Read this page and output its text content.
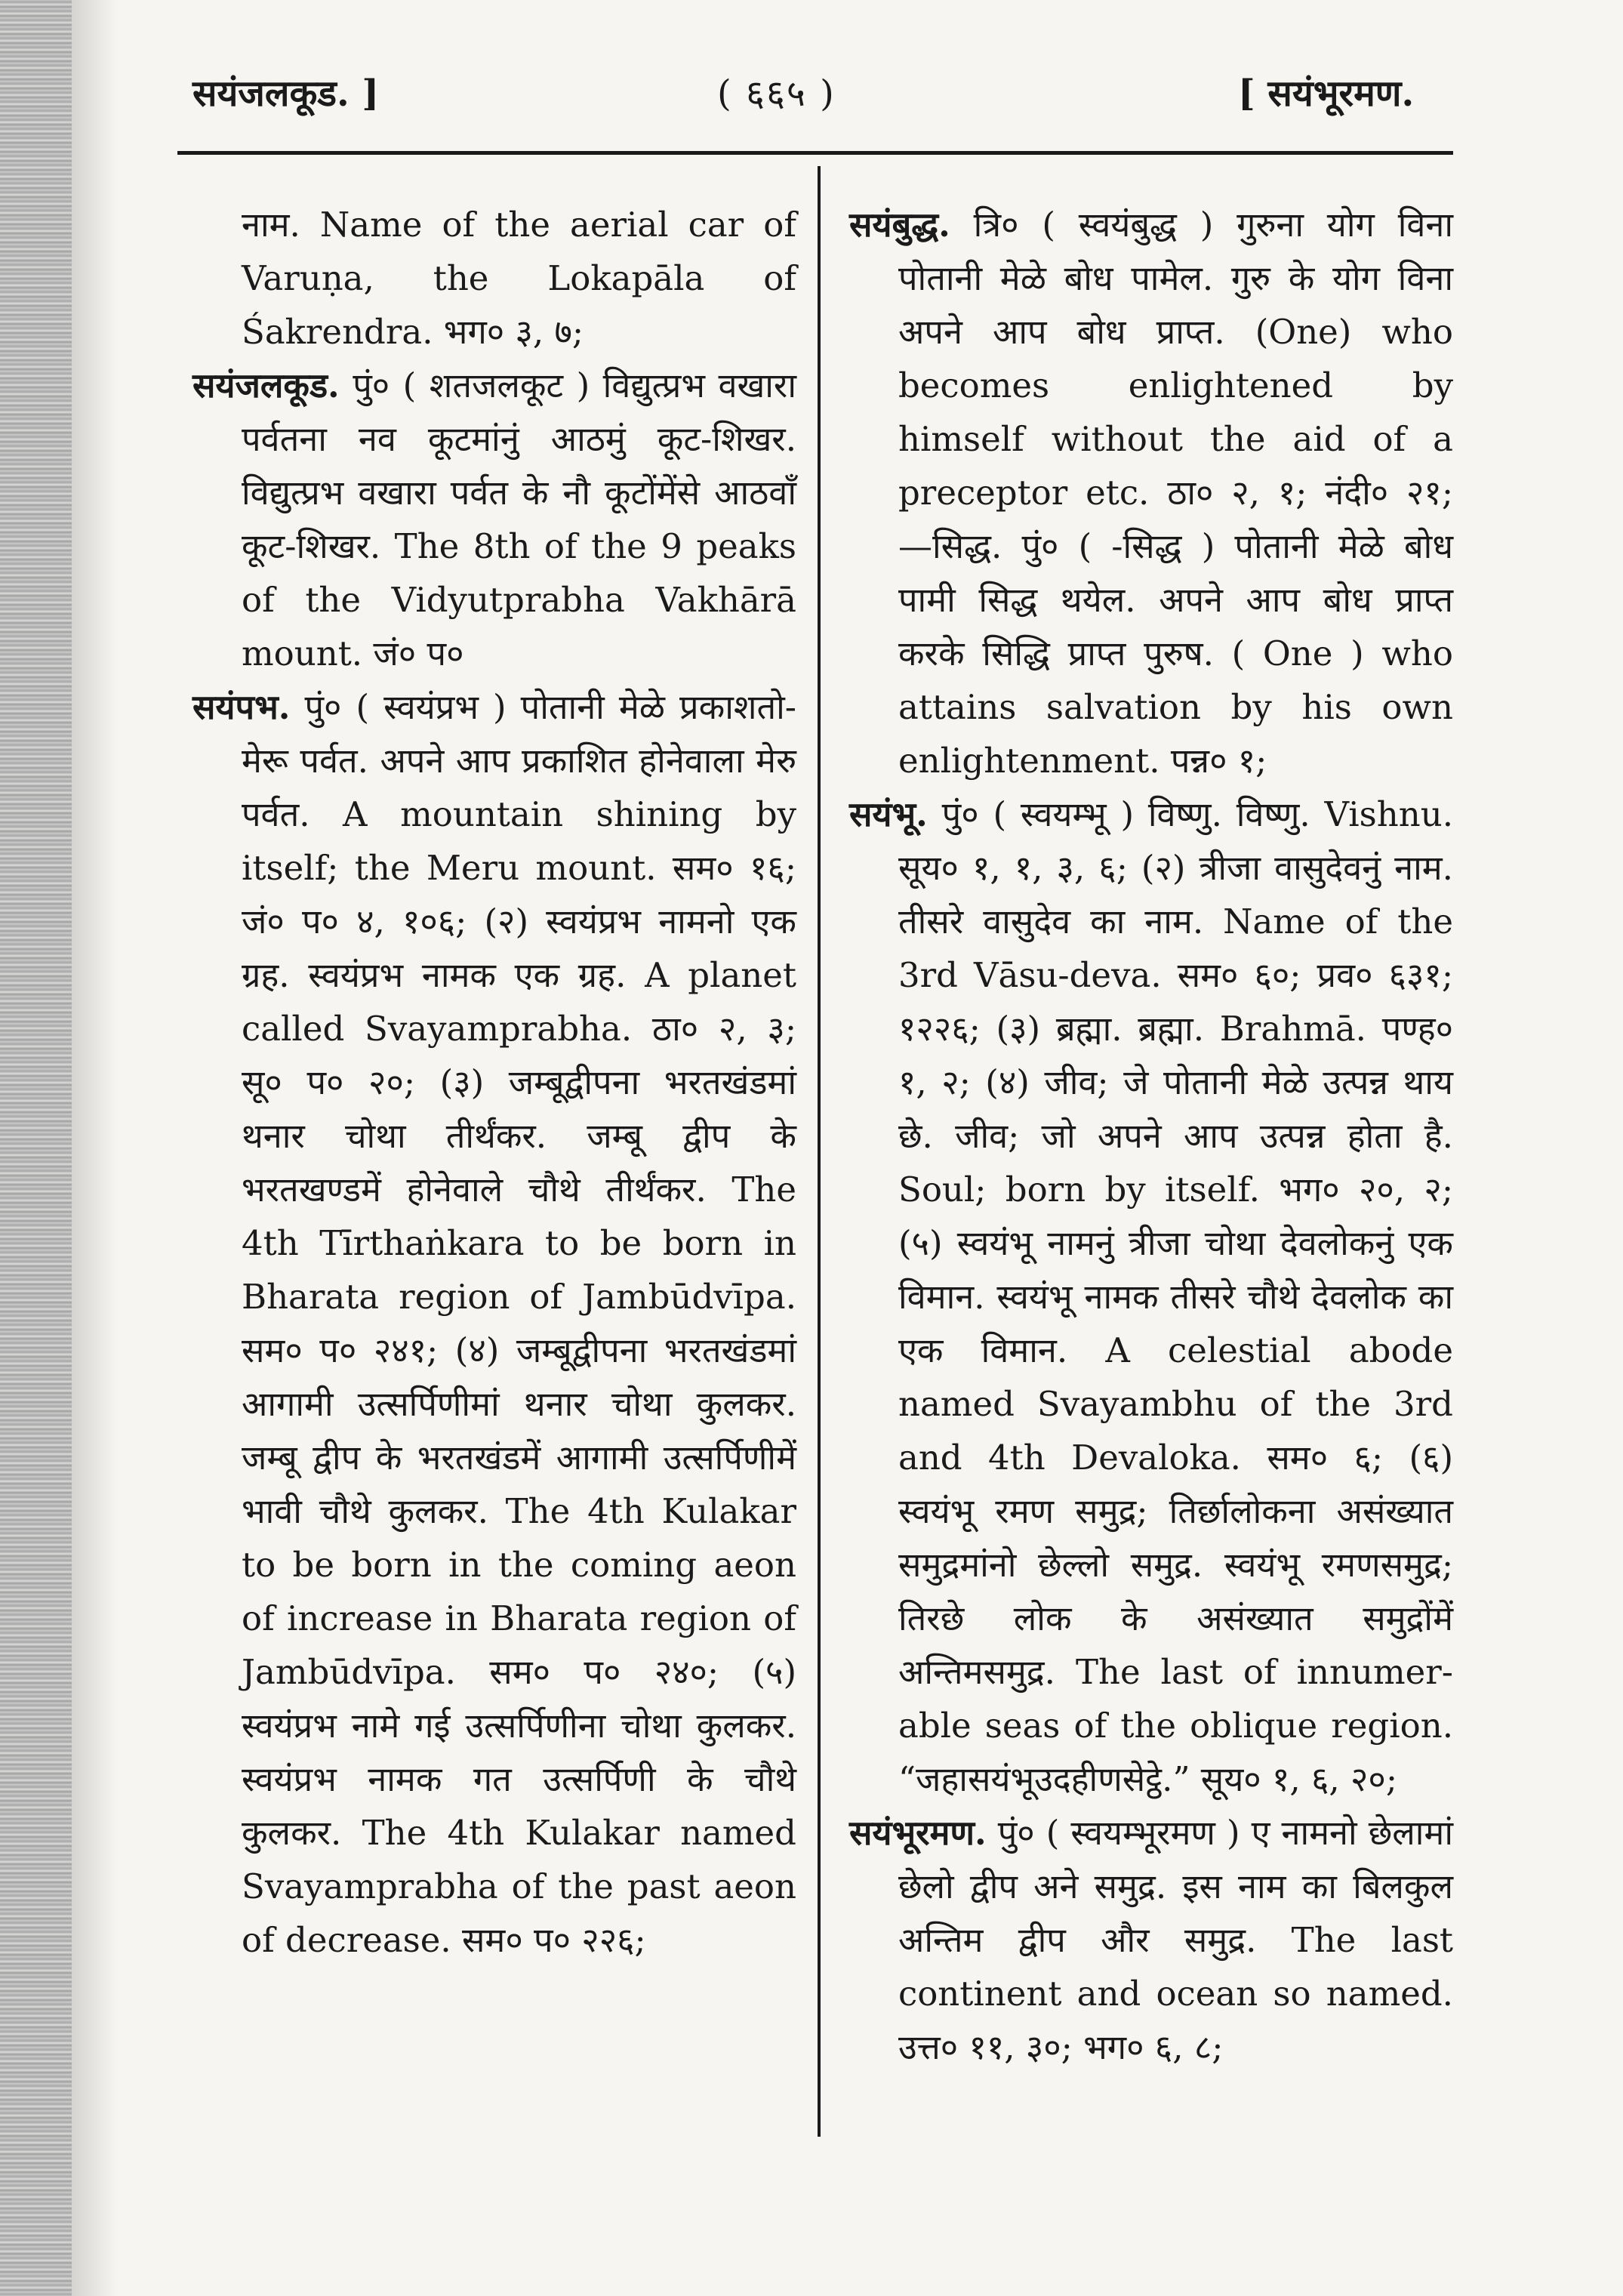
सयंजलकूड. ]	( ६६५ )	[ सयंभूरमण.

नाम. Name of the aerial car of Varuṇa, the Lokapāla of Śakrendra. भग० ३, ७;

सयंजलकूड. पुं० ( शतजलकूट ) विद्युत्प्रभ वखारा पर्वतना नव कूटमांनुं आठमुं कूट-शिखर. विद्युत्प्रभ वखारा पर्वत के नौ कूटोंमेंसे आठवाँ कूट-शिखर. The 8th of the 9 peaks of the Vidyutprabha Vakhārā mount. जं० प०

सयंपभ. पुं० ( स्वयंप्रभ ) पोतानी मेळे प्रकाशतो-मेरू पर्वत. अपने आप प्रकाशित होनेवाला मेरु पर्वत. A mountain shining by itself; the Meru mount. सम० १६; जं० प० ४, १०६; (२) स्वयंप्रभ नामनो एक ग्रह. स्वयंप्रभ नामक एक ग्रह. A planet called Svayamprabha. ठा० २, ३; सू० प० २०; (३) जम्बूद्वीपना भरतखंडमां थनार चोथा तीर्थंकर. जम्बू द्वीप के भरतखण्डमें होनेवाले चौथे तीर्थंकर. The 4th Tīrthaṅkara to be born in Bharata region of Jambūdvīpa. सम० प० २४१; (४) जम्बूद्वीपना भरतखंडमां आगामी उत्सर्पिणीमां थनार चोथा कुलकर. जम्बू द्वीप के भरतखंडमें आगामी उत्सर्पिणीमें भावी चौथे कुलकर. The 4th Kulakar to be born in the coming aeon of increase in Bharata region of Jambūdvīpa. सम० प० २४०; (५) स्वयंप्रभ नामे गई उत्सर्पिणीना चोथा कुलकर. स्वयंप्रभ नामक गत उत्सर्पिणी के चौथे कुलकर. The 4th Kulakar named Svayamprabha of the past aeon of decrease. सम० प० २२६;

सयंबुद्ध. त्रि० ( स्वयंबुद्ध ) गुरुना योग विना पोतानी मेळे बोध पामेल. गुरु के योग विना अपने आप बोध प्राप्त. (One) who becomes enlightened by himself without the aid of a preceptor etc. ठा० २, १; नंदी० २१; —सिद्ध. पुं० ( -सिद्ध ) पोतानी मेळे बोध पामी सिद्ध थयेल. अपने आप बोध प्राप्त करके सिद्धि प्राप्त पुरुष. ( One ) who attains salvation by his own enlightenment. पन्न० १;

सयंभू. पुं० ( स्वयम्भू ) विष्णु. विष्णु. Vishnu. सूय० १, १, ३, ६; (२) त्रीजा वासुदेवनुं नाम. तीसरे वासुदेव का नाम. Name of the 3rd Vāsu-deva. सम० ६०; प्रव० ६३१; १२२६; (३) ब्रह्मा. ब्रह्मा. Brahmā. पण्ह० १, २; (४) जीव; जे पोतानी मेळे उत्पन्न थाय छे. जीव; जो अपने आप उत्पन्न होता है. Soul; born by itself. भग० २०, २; (५) स्वयंभू नामनुं त्रीजा चोथा देवलोकनुं एक विमान. स्वयंभू नामक तीसरे चौथे देवलोक का एक विमान. A celestial abode named Svayambhu of the 3rd and 4th Devaloka. सम० ६; (६) स्वयंभू रमण समुद्र; तिर्छालोकना असंख्यात समुद्रमांनो छेल्लो समुद्र. स्वयंभू रमणसमुद्र; तिरछे लोक के असंख्यात समुद्रोंमें अन्तिमसमुद्र. The last of innumer-able seas of the oblique region. “जहासयंभूउदहीणसेट्ठे.” सूय० १, ६, २०;

सयंभूरमण. पुं० ( स्वयम्भूरमण ) ए नामनो छेलामां छेलो द्वीप अने समुद्र. इस नाम का बिलकुल अन्तिम द्वीप और समुद्र. The last continent and ocean so named. उत्त० ११, ३०; भग० ६, ८;
